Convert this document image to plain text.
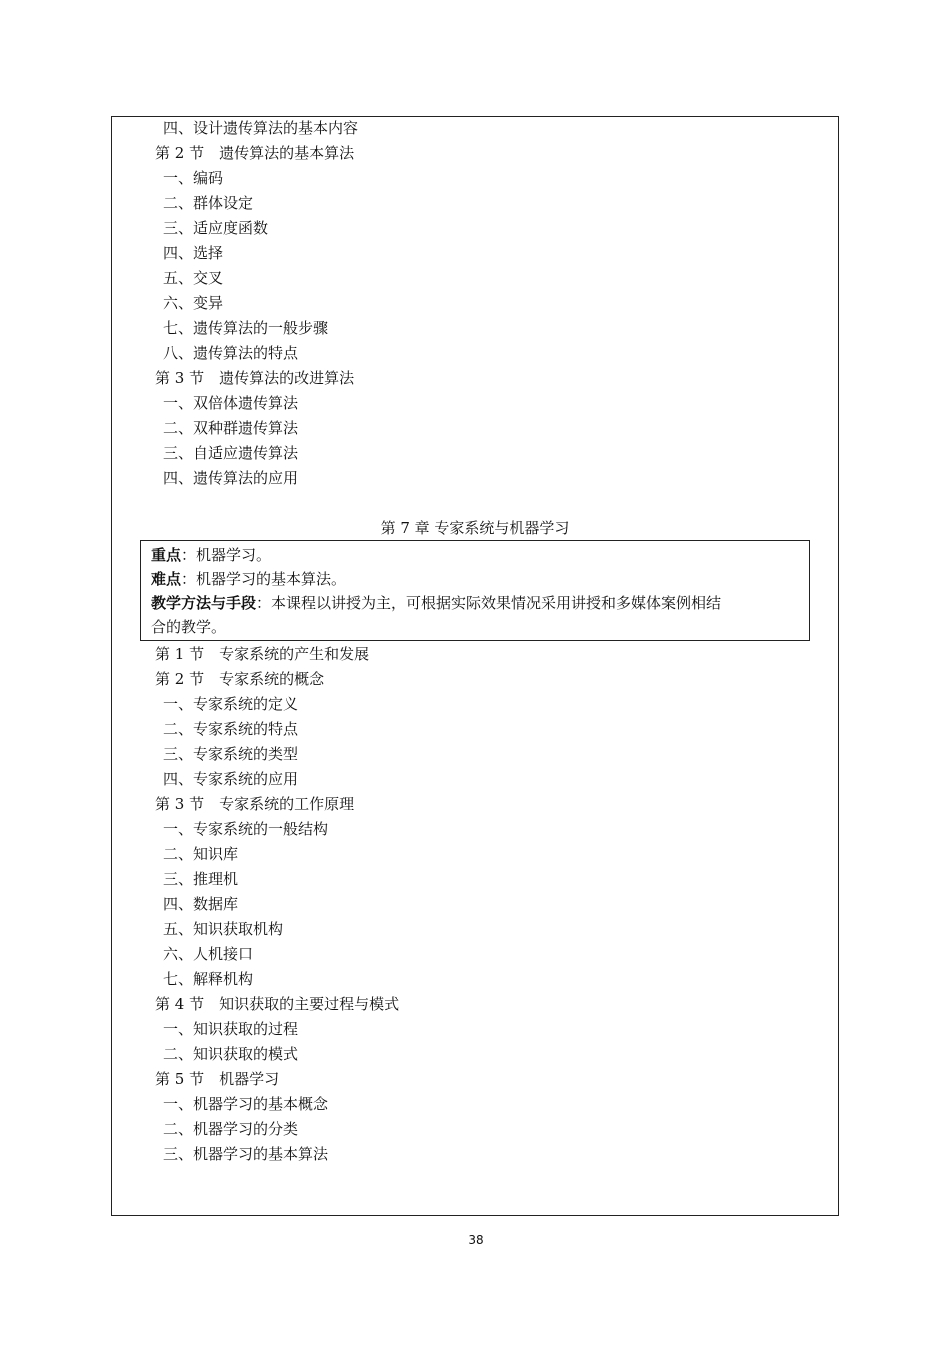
四、设计遗传算法的基本内容
第 2 节　遗传算法的基本算法
一、编码
二、群体设定
三、适应度函数
四、选择
五、交叉
六、变异
七、遗传算法的一般步骤
八、遗传算法的特点
第 3 节　遗传算法的改进算法
一、双倍体遗传算法
二、双种群遗传算法
三、自适应遗传算法
四、遗传算法的应用
第 7 章 专家系统与机器学习
重点：机器学习。
难点：机器学习的基本算法。
教学方法与手段：本课程以讲授为主，可根据实际效果情况采用讲授和多媒体案例相结
合的教学。
第 1 节　专家系统的产生和发展
第 2 节　专家系统的概念
一、专家系统的定义
二、专家系统的特点
三、专家系统的类型
四、专家系统的应用
第 3 节　专家系统的工作原理
一、专家系统的一般结构
二、知识库
三、推理机
四、数据库
五、知识获取机构
六、人机接口
七、解释机构
第 4 节　知识获取的主要过程与模式
一、知识获取的过程
二、知识获取的模式
第 5 节　机器学习
一、机器学习的基本概念
二、机器学习的分类
三、机器学习的基本算法
38
